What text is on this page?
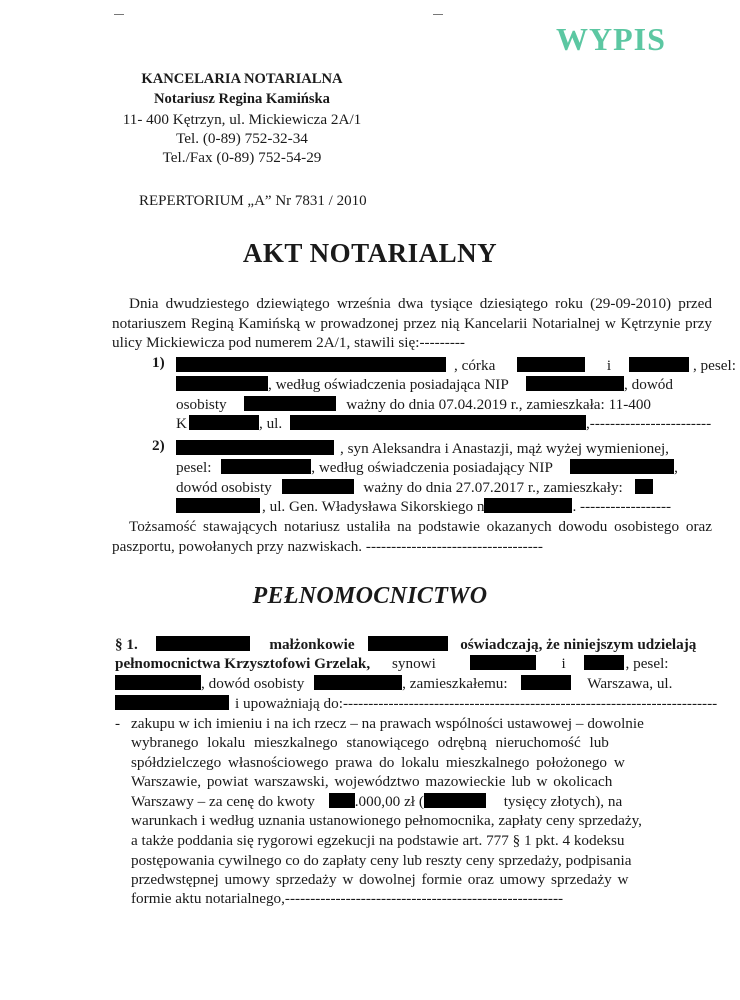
WYPIS
KANCELARIA NOTARIALNA
Notariusz Regina Kamińska
11- 400 Kętrzyn, ul. Mickiewicza 2A/1
Tel. (0-89) 752-32-34
Tel./Fax (0-89) 752-54-29
REPERTORIUM „A” Nr 7831 / 2010
AKT NOTARIALNY

Dnia dwudziestego dziewiątego września dwa tysiące dziesiątego roku (29-09-2010) przed notariuszem Reginą Kamińską w prowadzonej przez nią Kancelarii Notarialnej w Kętrzynie przy ulicy Mickiewicza pod numerem 2A/1, stawili się:---------

1)	, córka	i	, pesel:
, według oświadczenia posiadająca NIP	, dowód
osobisty	ważny do dnia 07.04.2019 r., zamieszkała: 11-400
K	, ul.	,------------------------
2)	, syn Aleksandra i Anastazji, mąż wyżej wymienionej,
pesel:	, według oświadczenia posiadający NIP	,
dowód osobisty	ważny do dnia 27.07.2017 r., zamieszkały:
, ul. Gen. Władysława Sikorskiego n	. ------------------

Tożsamość stawających notariusz ustaliła na podstawie okazanych dowodu osobistego oraz paszportu, powołanych przy nazwiskach. -----------------------------------

PEŁNOMOCNICTWO
§ 1.	małżonkowie	oświadczają, że niniejszym udzielają
pełnomocnictwa Krzysztofowi Grzelak, synowi	i	, pesel:
, dowód osobisty	, zamieszkałemu:	Warszawa, ul.
i upoważniają do:--------------------------------------------------------------------------
- zakupu w ich imieniu i na ich rzecz – na prawach wspólności ustawowej – dowolnie
wybranego lokalu mieszkalnego stanowiącego odrębną nieruchomość lub
spółdzielczego własnościowego prawa do lokalu mieszkalnego położonego w
Warszawie, powiat warszawski, województwo mazowieckie lub w okolicach
Warszawy – za cenę do kwoty	.000,00 zł (	tysięcy złotych), na
warunkach i według uznania ustanowionego pełnomocnika, zapłaty ceny sprzedaży,
a także poddania się rygorowi egzekucji na podstawie art. 777 § 1 pkt. 4 kodeksu
postępowania cywilnego co do zapłaty ceny lub reszty ceny sprzedaży, podpisania
przedwstępnej umowy sprzedaży w dowolnej formie oraz umowy sprzedaży w
formie aktu notarialnego,-------------------------------------------------------
